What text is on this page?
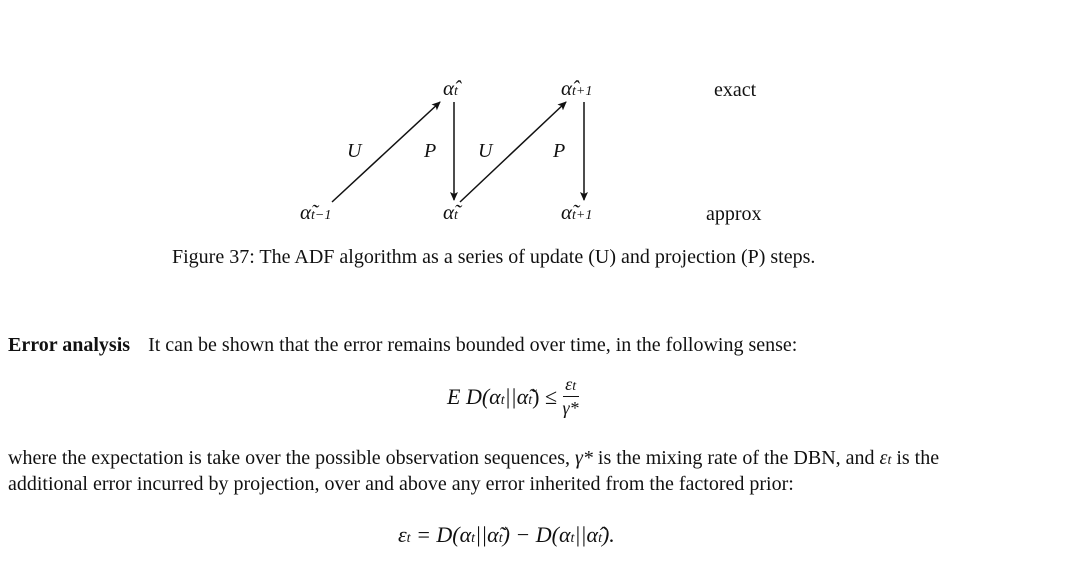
α̂t	α̂t+1
U	P U	P
α̃t−1	α̃t	α̃t+1
exact
approx
Figure 37: The ADF algorithm as a series of update (U) and projection (P) steps.
Error analysis It can be shown that the error remains bounded over time, in the following sense:
E D(αt||α̃t) ≤ $\frac{\varepsilon t}{\gamma*}$
where the expectation is take over the possible observation sequences, γ* is the mixing rate of the DBN, and εt is the
additional error incurred by projection, over and above any error inherited from the factored prior:
εt = D(αt||α̃t) − D(αt||α̂t).
